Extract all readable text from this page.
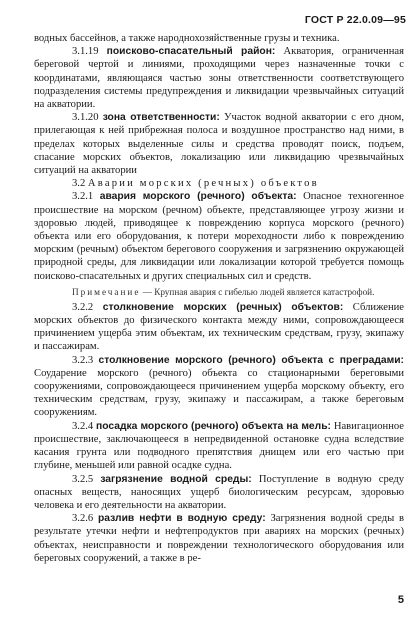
ГОСТ Р 22.0.09—95

водных бассейнов, а также народнохозяйственные грузы и техника.

3.1.19 поисково-спасательный район: Акватория, ограниченная береговой чертой и линиями, проходящими через назначенные точки с координатами, являющаяся частью зоны ответственности соответствующего подразделения системы предупреждения и ликвидации чрезвычайных ситуаций на акватории.

3.1.20 зона ответственности: Участок водной акватории с его дном, прилегающая к ней прибрежная полоса и воздушное пространство над ними, в пределах которых выделенные силы и средства проводят поиск, подъем, спасание морских объектов, локализацию или ликвидацию чрезвычайных ситуаций на акватории

3.2 Аварии морских (речных) объектов

3.2.1 авария морского (речного) объекта: Опасное техногенное происшествие на морском (речном) объекте, представляющее угрозу жизни и здоровью людей, приводящее к повреждению корпуса морского (речного) объекта или его оборудования, к потери мореходности либо к повреждению морским (речным) объектом берегового сооружения и загрязнению окружающей природной среды, для ликвидации или локализации которой требуется помощь поисково-спасательных и других специальных сил и средств.

Примечание — Крупная авария с гибелью людей является катастрофой.

3.2.2 столкновение морских (речных) объектов: Сближение морских объектов до физического контакта между ними, сопровождающееся причинением ущерба этим объектам, их техническим средствам, грузу, экипажу и пассажирам.

3.2.3 столкновение морского (речного) объекта с преградами: Соударение морского (речного) объекта со стационарными береговыми сооружениями, сопровождающееся причинением ущерба морскому объекту, его техническим средствам, грузу, экипажу и пассажирам, а также береговым сооружениям.

3.2.4 посадка морского (речного) объекта на мель: Навигационное происшествие, заключающееся в непредвиденной остановке судна вследствие касания грунта или подводного препятствия днищем или его частью при глубине, меньшей или равной осадке судна.

3.2.5 загрязнение водной среды: Поступление в водную среду опасных веществ, наносящих ущерб биологическим ресурсам, здоровью человека и его деятельности на акватории.

3.2.6 разлив нефти в водную среду: Загрязнения водной среды в результате утечки нефти и нефтепродуктов при авариях на морских (речных) объектах, неисправности и повреждении технологического оборудования или береговых сооружений, а также в ре-

5
